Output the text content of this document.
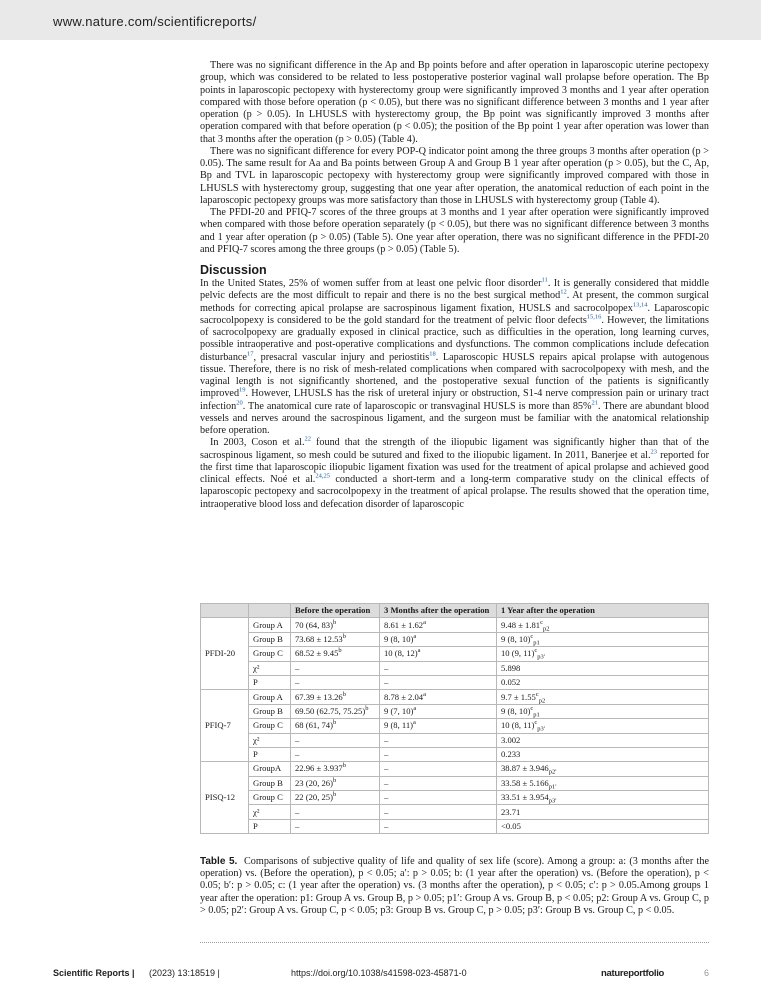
www.nature.com/scientificreports/

There was no significant difference in the Ap and Bp points before and after operation in laparoscopic uterine pectopexy group, which was considered to be related to less postoperative posterior vaginal wall prolapse before operation. The Bp points in laparoscopic pectopexy with hysterectomy group were significantly improved 3 months and 1 year after operation compared with those before operation (p < 0.05), but there was no significant difference between 3 months and 1 year after operation (p > 0.05). In LHUSLS with hysterectomy group, the Bp point was significantly improved 3 months after operation compared with that before operation (p < 0.05); the position of the Bp point 1 year after operation was lower than that 3 months after the operation (p > 0.05) (Table 4).

There was no significant difference for every POP-Q indicator point among the three groups 3 months after operation (p > 0.05). The same result for Aa and Ba points between Group A and Group B 1 year after operation (p > 0.05), but the C, Ap, Bp and TVL in laparoscopic pectopexy with hysterectomy group were significantly improved compared with those in LHUSLS with hysterectomy group, suggesting that one year after operation, the anatomical reduction of each point in the laparoscopic pectopexy groups was more satisfactory than those in LHUSLS with hysterectomy group (Table 4).

The PFDI-20 and PFIQ-7 scores of the three groups at 3 months and 1 year after operation were significantly improved when compared with those before operation separately (p < 0.05), but there was no significant difference between 3 months and 1 year after operation (p > 0.05) (Table 5). One year after operation, there was no significant difference in the PFDI-20 and PFIQ-7 scores among the three groups (p > 0.05) (Table 5).

Discussion

In the United States, 25% of women suffer from at least one pelvic floor disorder$^{11}$. It is generally considered that middle pelvic defects are the most difficult to repair and there is no the best surgical method$^{12}$. At present, the common surgical methods for correcting apical prolapse are sacrospinous ligament fixation, HUSLS and sacrocolpopex$^{13,14}$. Laparoscopic sacrocolpopexy is considered to be the gold standard for the treatment of pelvic floor defects$^{15,16}$. However, the limitations of sacrocolpopexy are gradually exposed in clinical practice, such as difficulties in the operation, long learning curves, possible intraoperative and post-operative complications and dysfunctions. The common complications include defecation disturbance$^{17}$, presacral vascular injury and periostitis$^{18}$. Laparoscopic HUSLS repairs apical prolapse with autogenous tissue. Therefore, there is no risk of mesh-related complications when compared with sacrocolpopexy with mesh, and the vaginal length is not significantly shortened, and the postoperative sexual function of the patients is significantly improved$^{19}$. However, LHUSLS has the risk of ureteral injury or obstruction, S1-4 nerve compression pain or urinary tract infection$^{20}$. The anatomical cure rate of laparoscopic or transvaginal HUSLS is more than 85%$^{21}$. There are abundant blood vessels and nerves around the sacrospinous ligament, and the surgeon must be familiar with the anatomical relationship before operation.

In 2003, Coson et al.$^{22}$ found that the strength of the iliopubic ligament was significantly higher than that of the sacrospinous ligament, so mesh could be sutured and fixed to the iliopubic ligament. In 2011, Banerjee et al.$^{23}$ reported for the first time that laparoscopic iliopubic ligament fixation was used for the treatment of apical prolapse and achieved good clinical effects. Noé et al.$^{24,25}$ conducted a short-term and a long-term comparative study on the clinical effects of laparoscopic pectopexy and sacrocolpopexy in the treatment of apical prolapse. The results showed that the operation time, intraoperative blood loss and defecation disorder of laparoscopic

		Before the operation	3 Months after the operation	1 Year after the operation
PFDI-20	Group A	70 (64, 83)$^b$	8.61 ± 1.62$^a$	9.48 ± 1.81$^c_{p2}$
	Group B	73.68 ± 12.53$^b$	9 (8, 10)$^a$	9 (8, 10)$^c_{p1}$
	Group C	68.52 ± 9.45$^b$	10 (8, 12)$^a$	10 (9, 11)$^c_{p3'}$
	χ²	–	–	5.898
	P	–	–	0.052
PFIQ-7	Group A	67.39 ± 13.26$^b$	8.78 ± 2.04$^a$	9.7 ± 1.55$^c_{p2}$
	Group B	69.50 (62.75, 75.25)$^b$	9 (7, 10)$^a$	9 (8, 10)$^c_{p1}$
	Group C	68 (61, 74)$^b$	9 (8, 11)$^a$	10 (8, 11)$^c_{p3'}$
	χ²	–	–	3.002
	P	–	–	0.233
PISQ-12	GroupA	22.96 ± 3.937$^b$	–	$38.87 \pm 3.946_{p2'}$
	Group B	23 (20, 26)$^b$	–	$33.58 \pm 5.166_{p1'}$
	Group C	22 (20, 25)$^b$	–	$33.51 \pm 3.954_{p3'}$
	χ²	–	–	23.71
	P	–	–	<0.05
Table 5. Comparisons of subjective quality of life and quality of sex life (score). Among a group: a: (3 months after the operation) vs. (Before the operation), p < 0.05; a′: p > 0.05; b: (1 year after the operation) vs. (Before the operation), p < 0.05; b′: p > 0.05; c: (1 year after the operation) vs. (3 months after the operation), p < 0.05; c′: p > 0.05.Among groups 1 year after the operation: p1: Group A vs. Group B, p > 0.05; p1′: Group A vs. Group B, p < 0.05; p2: Group A vs. Group C, p > 0.05; p2′: Group A vs. Group C, p < 0.05; p3: Group B vs. Group C, p > 0.05; p3′: Group B vs. Group C, p < 0.05.
Scientific Reports | (2023) 13:18519 |	https://doi.org/10.1038/s41598-023-45871-0	natureportfolio	6
